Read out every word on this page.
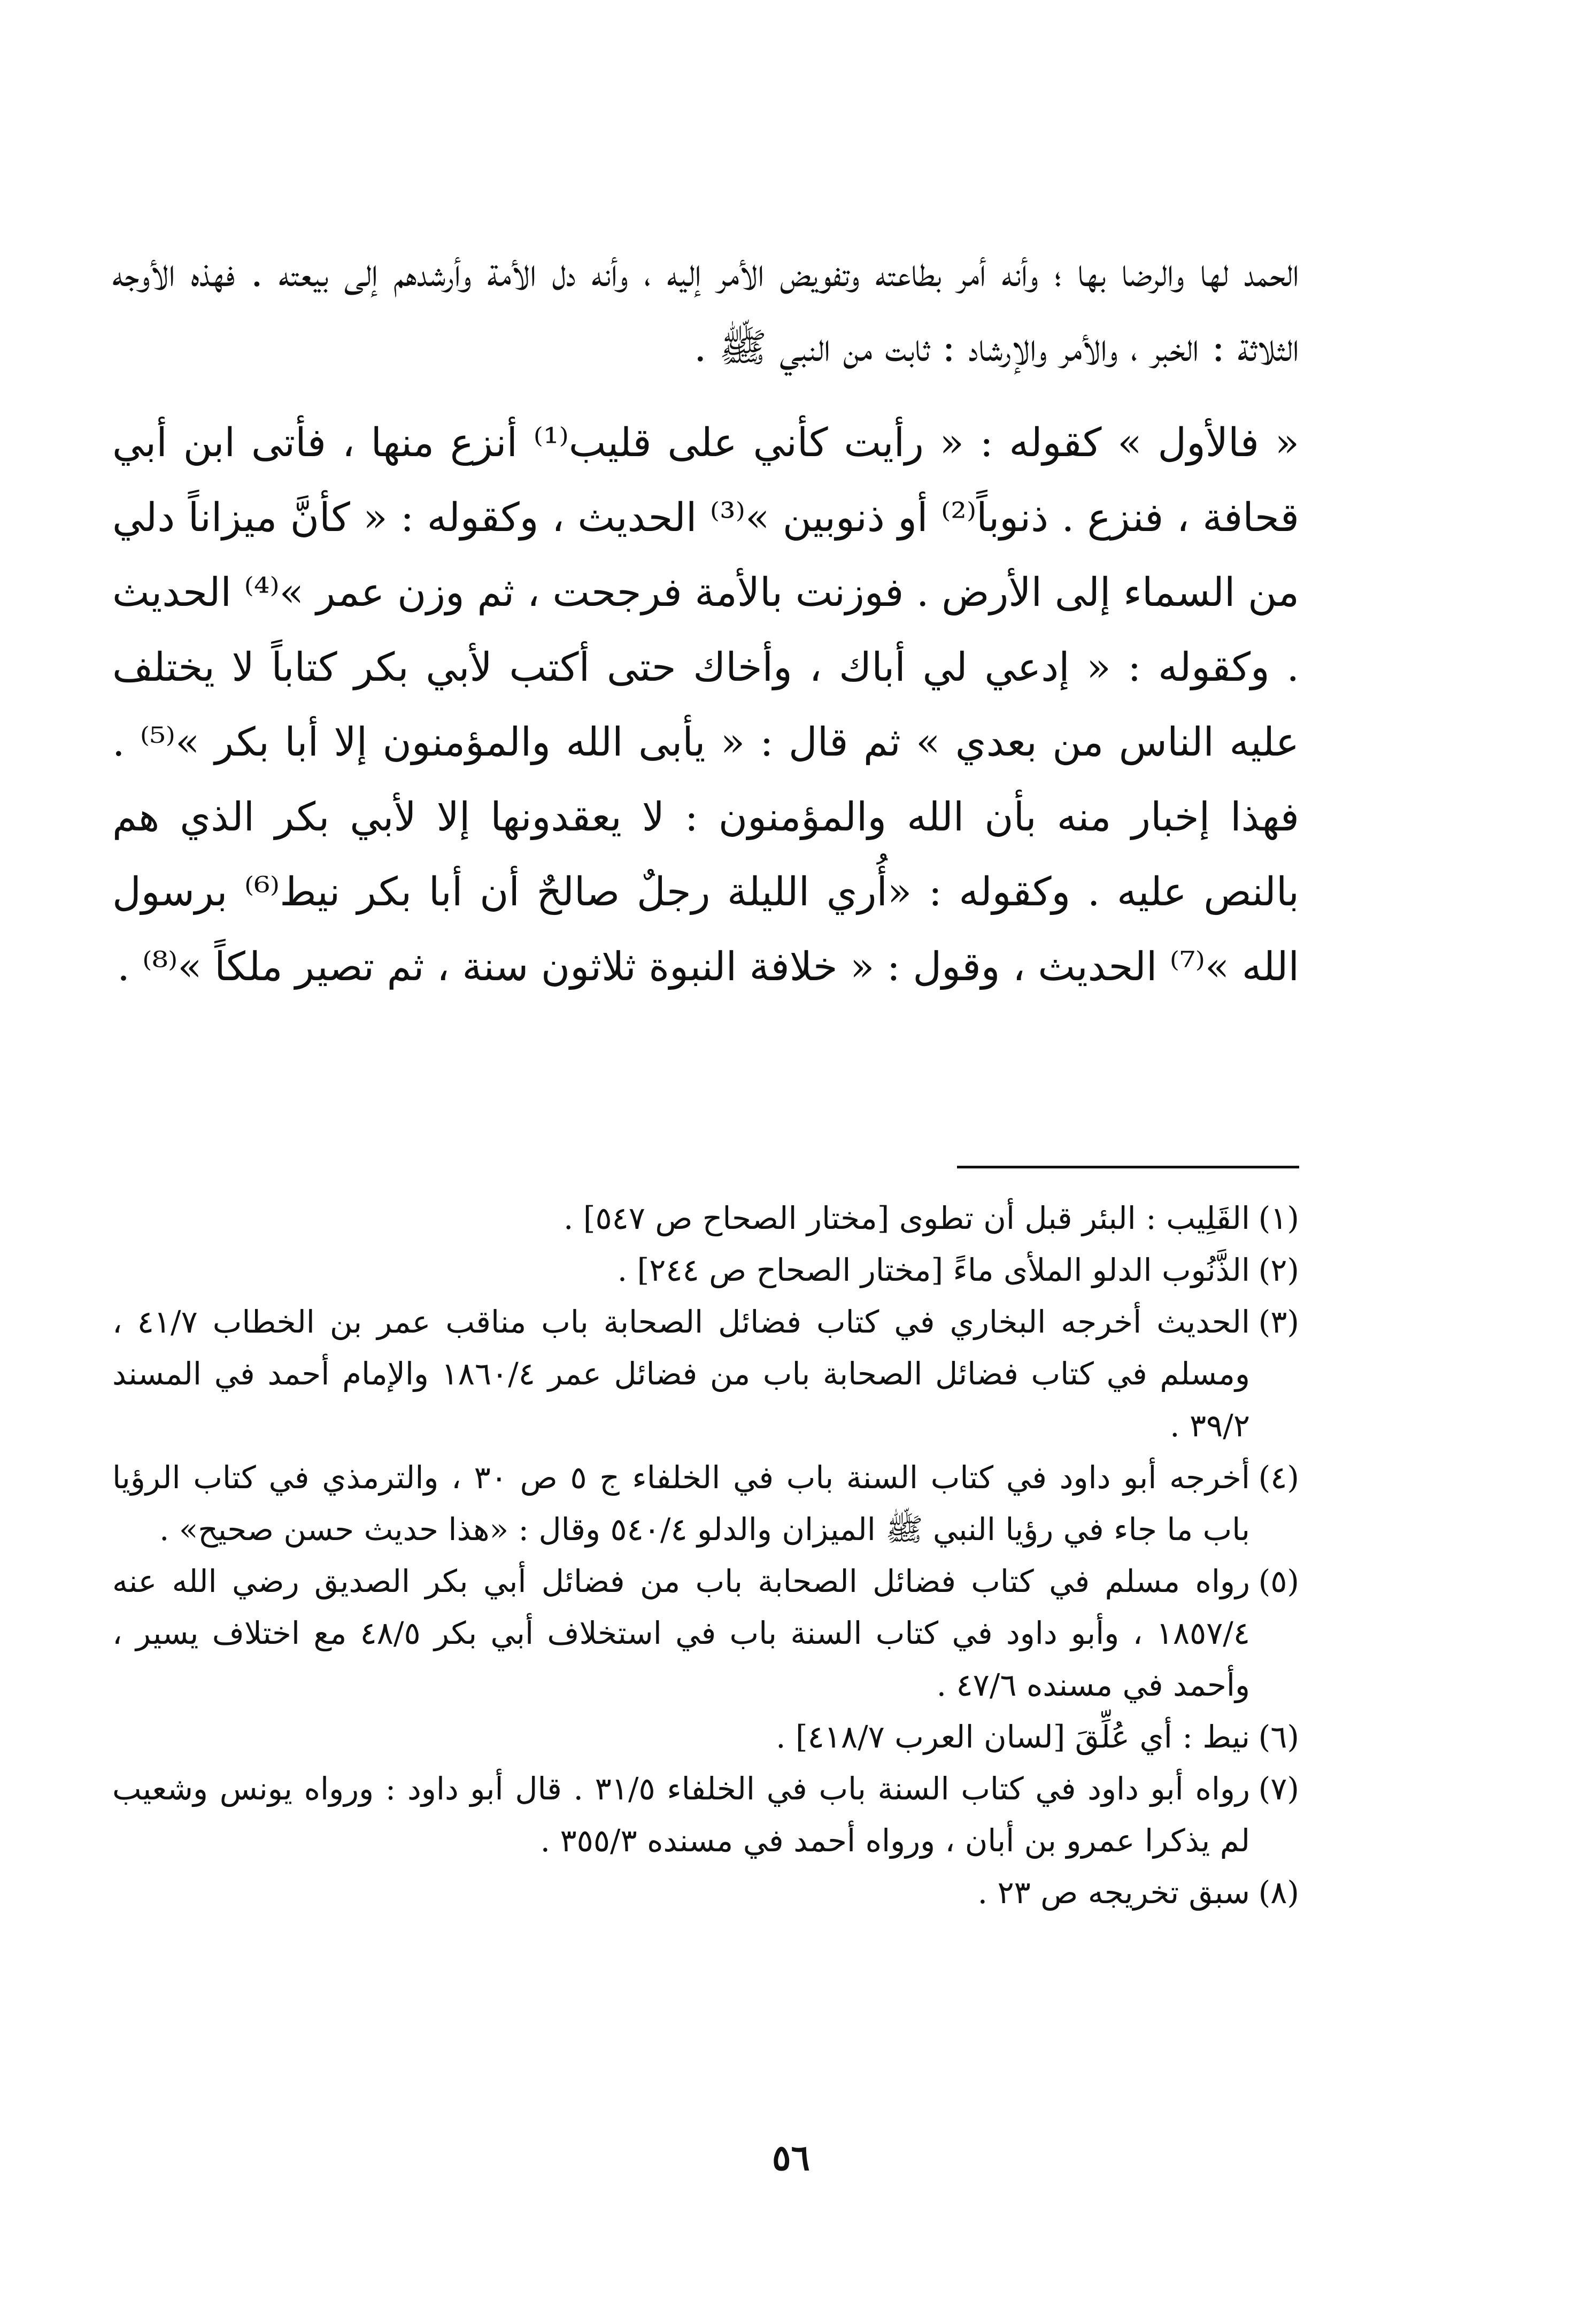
الحمد لها والرضا بها ؛ وأنه أمر بطاعته وتفويض الأمر إليه ، وأنه دل الأمة وأرشدهم إلى بيعته . فهذه الأوجه الثلاثة : الخبر ، والأمر والإرشاد : ثابت من النبي ﷺ .

« فالأول » كقوله : « رأيت كأني على قليب⁽¹⁾ أنزع منها ، فأتى ابن أبي قحافة ، فنزع . ذنوباً⁽²⁾ أو ذنوبين »⁽³⁾ الحديث ، وكقوله : « كأنَّ ميزاناً دلي من السماء إلى الأرض . فوزنت بالأمة فرجحت ، ثم وزن عمر »⁽⁴⁾ الحديث . وكقوله : « إدعي لي أباك ، وأخاك حتى أكتب لأبي بكر كتاباً لا يختلف عليه الناس من بعدي » ثم قال : « يأبى الله والمؤمنون إلا أبا بكر »⁽⁵⁾ . فهذا إخبار منه بأن الله والمؤمنون : لا يعقدونها إلا لأبي بكر الذي هم بالنص عليه . وكقوله : «أُري الليلة رجلٌ صالحٌ أن أبا بكر نيط⁽⁶⁾ برسول الله »⁽⁷⁾ الحديث ، وقول : « خلافة النبوة ثلاثون سنة ، ثم تصير ملكاً »⁽⁸⁾ .

(١)
القَلِيب : البئر قبل أن تطوى [مختار الصحاح ص ٥٤٧] .
(٢)
الذَّنُوب الدلو الملأى ماءً [مختار الصحاح ص ٢٤٤] .
(٣)
الحديث أخرجه البخاري في كتاب فضائل الصحابة باب مناقب عمر بن الخطاب ٤١/٧ ، ومسلم في كتاب فضائل الصحابة باب من فضائل عمر ١٨٦٠/٤ والإمام أحمد في المسند ٣٩/٢ .
(٤)
أخرجه أبو داود في كتاب السنة باب في الخلفاء ج ٥ ص ٣٠ ، والترمذي في كتاب الرؤيا باب ما جاء في رؤيا النبي ﷺ الميزان والدلو ٥٤٠/٤ وقال : «هذا حديث حسن صحيح» .
(٥)
رواه مسلم في كتاب فضائل الصحابة باب من فضائل أبي بكر الصديق رضي الله عنه ١٨٥٧/٤ ، وأبو داود في كتاب السنة باب في استخلاف أبي بكر ٤٨/٥ مع اختلاف يسير ، وأحمد في مسنده ٤٧/٦ .
(٦)
نيط : أي عُلِّقَ [لسان العرب ٤١٨/٧] .
(٧)
رواه أبو داود في كتاب السنة باب في الخلفاء ٣١/٥ . قال أبو داود : ورواه يونس وشعيب لم يذكرا عمرو بن أبان ، ورواه أحمد في مسنده ٣٥٥/٣ .
(٨)
سبق تخريجه ص ٢٣ .
٥٦
